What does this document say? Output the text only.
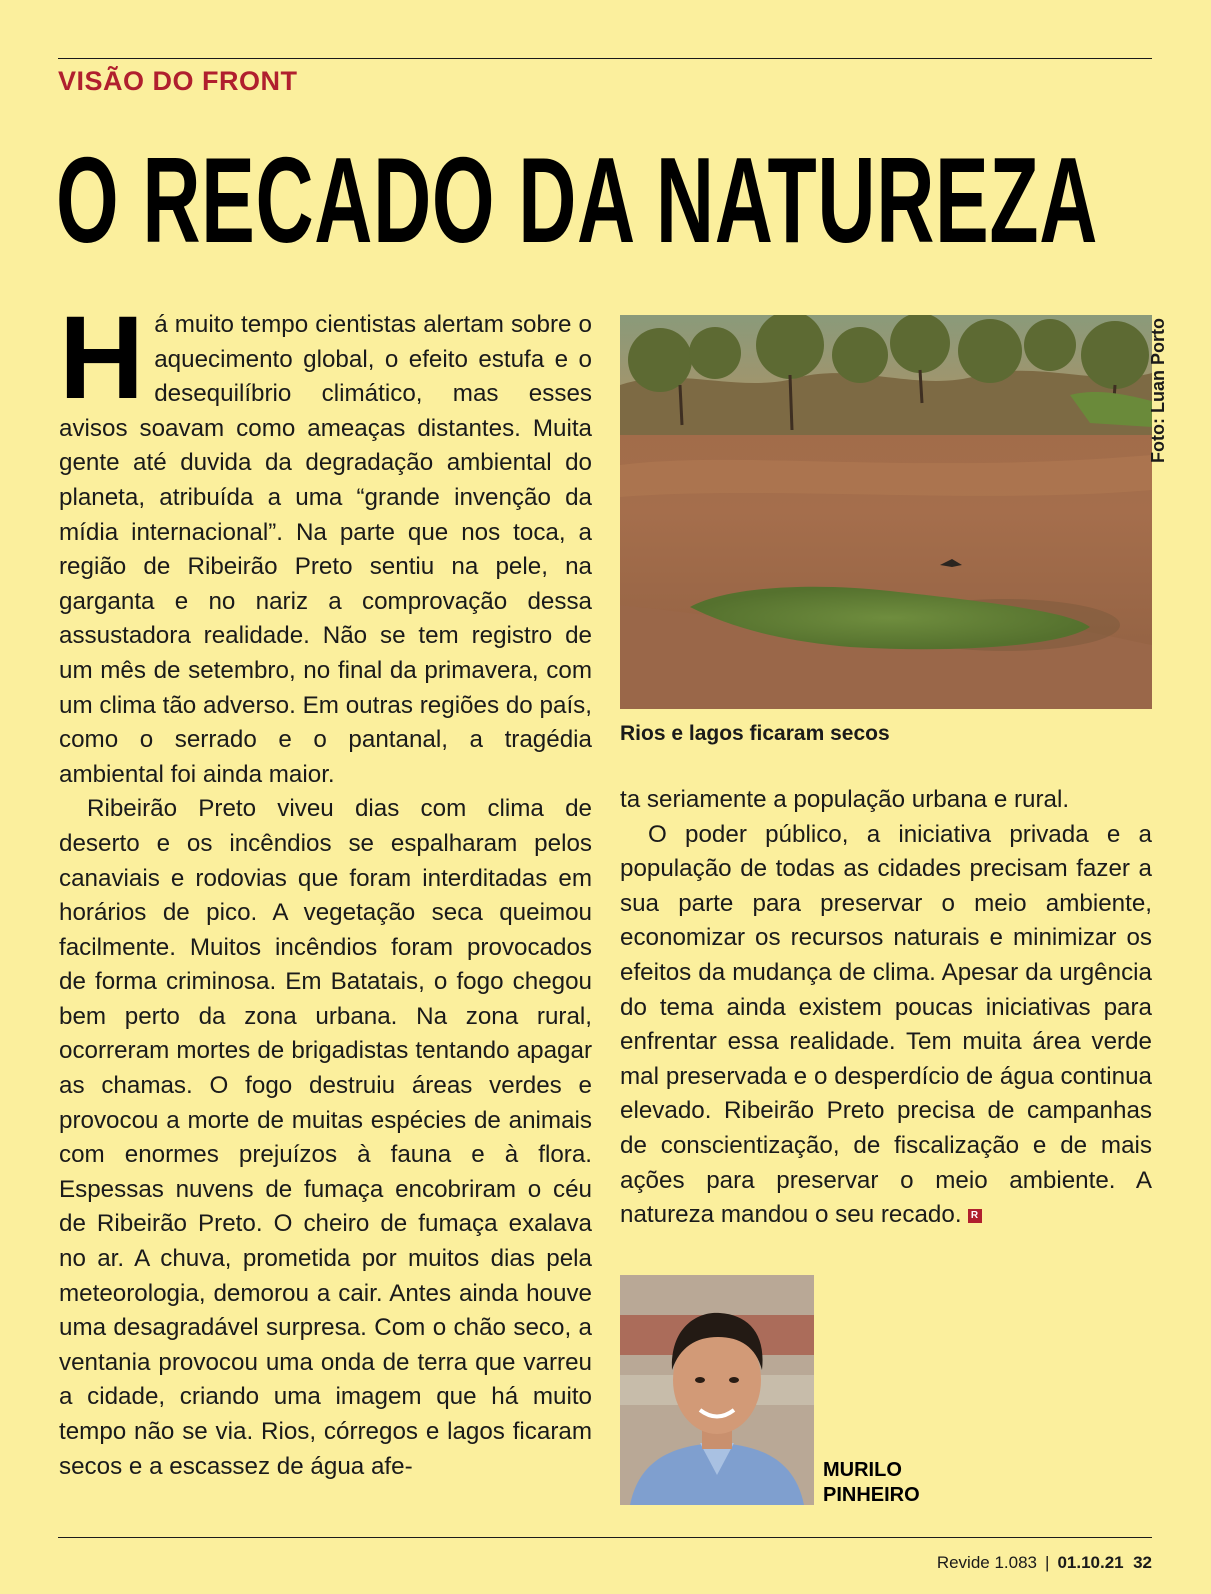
VISÃO DO FRONT
O RECADO DA NATUREZA

Há muito tempo cientistas alertam sobre o aquecimento global, o efeito estufa e o desequilíbrio climático, mas esses avisos soavam como ameaças distantes. Muita gente até duvida da degradação ambiental do planeta, atribuída a uma “grande invenção da mídia internacional”. Na parte que nos toca, a região de Ribeirão Preto sentiu na pele, na garganta e no nariz a comprovação dessa assustadora realidade. Não se tem registro de um mês de setembro, no final da primavera, com um clima tão adverso. Em outras regiões do país, como o serrado e o pantanal, a tragédia ambiental foi ainda maior.

Ribeirão Preto viveu dias com clima de deserto e os incêndios se espalharam pelos canaviais e rodovias que foram interditadas em horários de pico. A vegetação seca queimou facilmente. Muitos incêndios foram provocados de forma criminosa. Em Batatais, o fogo chegou bem perto da zona urbana. Na zona rural, ocorreram mortes de brigadistas tentando apagar as chamas. O fogo destruiu áreas verdes e provocou a morte de muitas espécies de animais com enormes prejuízos à fauna e à flora. Espessas nuvens de fumaça encobriram o céu de Ribeirão Preto. O cheiro de fumaça exalava no ar. A chuva, prometida por muitos dias pela meteorologia, demorou a cair. Antes ainda houve uma desagradável surpresa. Com o chão seco, a ventania provocou uma onda de terra que varreu a cidade, criando uma imagem que há muito tempo não se via. Rios, córregos e lagos ficaram secos e a escassez de água afe-

Foto: Luan Porto
Rios e lagos ficaram secos

ta seriamente a população urbana e rural.

O poder público, a iniciativa privada e a população de todas as cidades precisam fazer a sua parte para preservar o meio ambiente, economizar os recursos naturais e minimizar os efeitos da mudança de clima. Apesar da urgência do tema ainda existem poucas iniciativas para enfrentar essa realidade. Tem muita área verde mal preservada e o desperdício de água continua elevado. Ribeirão Preto precisa de campanhas de conscientização, de fiscalização e de mais ações para preservar o meio ambiente. A natureza mandou o seu recado. R

MURILO
PINHEIRO
Revide 1.083 | 01.10.21 32
